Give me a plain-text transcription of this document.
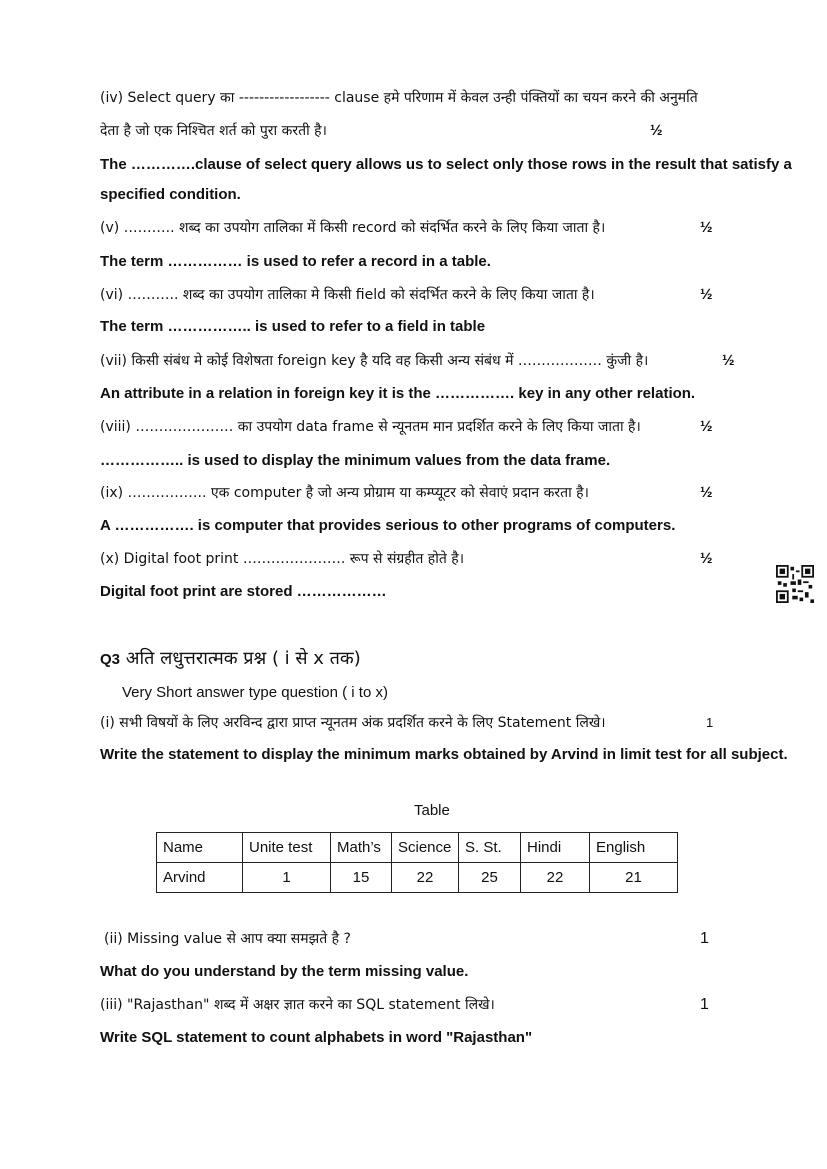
(iv) Select query का ------------------ clause हमे परिणाम में केवल उन्ही पंक्तियों का चयन करने की अनुमति
देता है जो एक निश्चित शर्त को पुरा करती है।	½
The ………….clause of select query allows us to select only those rows in the result that satisfy a
specified condition.
(v) ……….. शब्द का उपयोग तालिका में किसी record को संदर्भित करने के लिए किया जाता है।	½
The term …………… is used to refer a record in a table.
(vi) ……….. शब्द का उपयोग तालिका मे किसी field को संदर्भित करने के लिए किया जाता है।	½
The term …………….. is used to refer to a field in table
(vii) किसी संबंध मे कोई विशेषता foreign key है यदि वह किसी अन्य संबंध में ……………… कुंजी है।	½
An attribute in a relation in foreign key it is the ……………. key in any other relation.
(viii) ………………… का उपयोग data frame से न्यूनतम मान प्रदर्शित करने के लिए किया जाता है।	½
…………….. is used to display the minimum values from the data frame.
(ix) …………….. एक computer है जो अन्य प्रोग्राम या कम्प्यूटर को सेवाएं प्रदान करता है।	½
A ……………. is computer that provides serious to other programs of computers.
(x) Digital foot print …………………. रूप से संग्रहीत होते है।	½
Digital foot print are stored ………………
Q3 अति लधुत्तरात्मक प्रश्न ( i से x तक)
Very Short answer type question ( i to x)
(i) सभी विषयों के लिए अरविन्द द्वारा प्राप्त न्यूनतम अंक प्रदर्शित करने के लिए Statement लिखे।	1
Write the statement to display the minimum marks obtained by Arvind in limit test for all subject.
Table
Name	Unite test	Math’s	Science	S. St.	Hindi	English
Arvind	1	15	22	25	22	21
(ii) Missing value से आप क्या समझते है ?	1
What do you understand by the term missing value.
(iii) "Rajasthan" शब्द में अक्षर ज्ञात करने का SQL statement लिखे।	1
Write SQL statement to count alphabets in word "Rajasthan"
